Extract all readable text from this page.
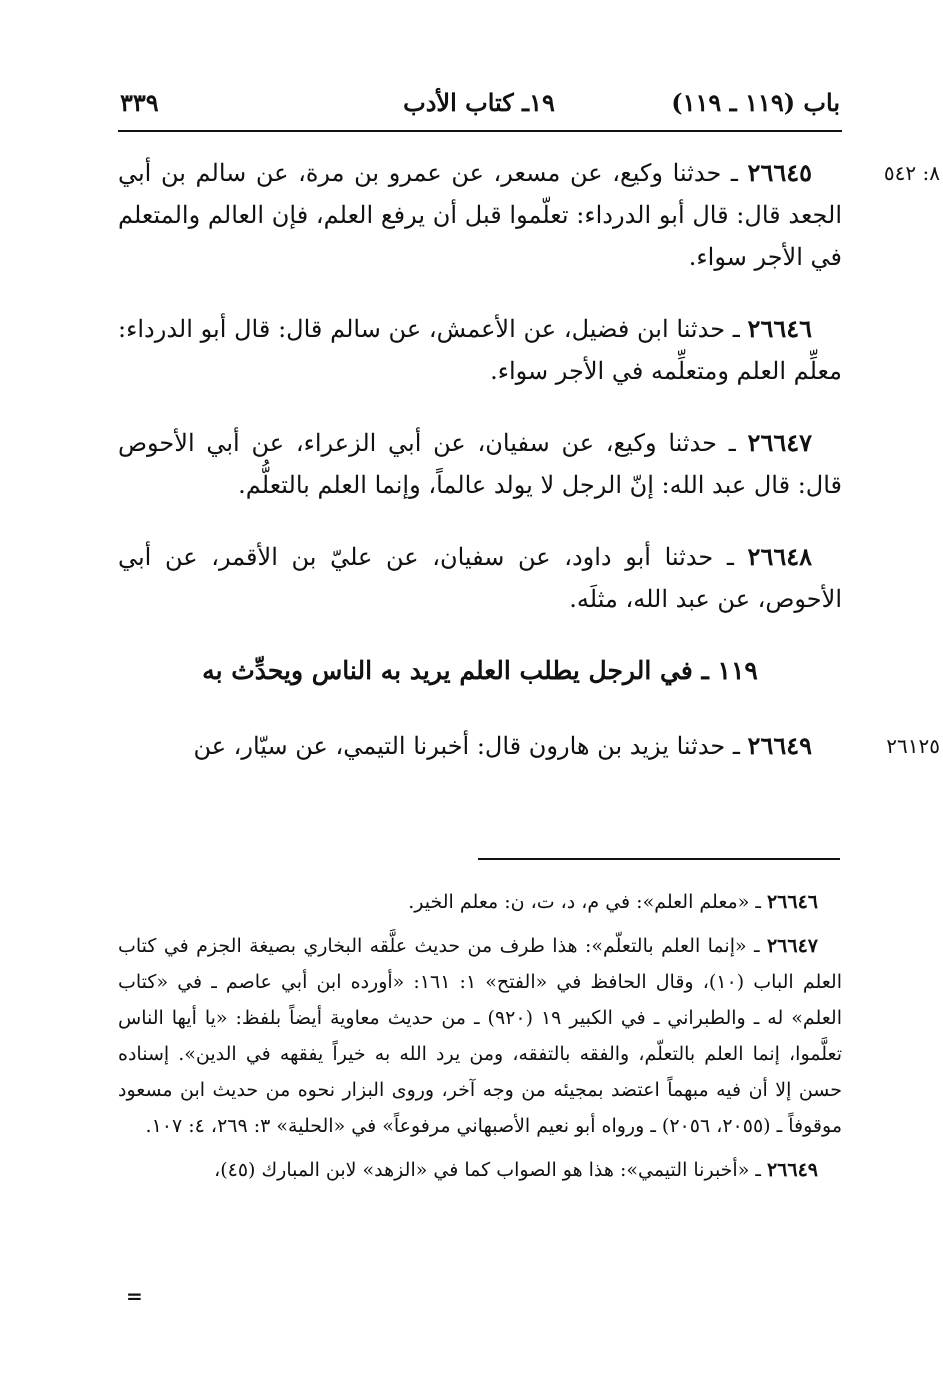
باب (١١٩ ـ ١١٩)
١٩ـ كتاب الأدب
٣٣٩

٨: ٥٤٢
٢٦٦٤٥ ـ حدثنا وكيع، عن مسعر، عن عمرو بن مرة، عن سالم بن أبي الجعد قال: قال أبو الدرداء: تعلّموا قبل أن يرفع العلم، فإن العالم والمتعلم في الأجر سواء.

٢٦٦٤٦ ـ حدثنا ابن فضيل، عن الأعمش، عن سالم قال: قال أبو الدرداء: معلِّم العلم ومتعلِّمه في الأجر سواء.

٢٦٦٤٧ ـ حدثنا وكيع، عن سفيان، عن أبي الزعراء، عن أبي الأحوص قال: قال عبد الله: إنّ الرجل لا يولد عالماً، وإنما العلم بالتعلُّم.

٢٦٦٤٨ ـ حدثنا أبو داود، عن سفيان، عن عليّ بن الأقمر، عن أبي الأحوص، عن عبد الله، مثلَه.

١١٩ ـ في الرجل يطلب العلم يريد به الناس ويحدِّث به

٢٦١٢٥
٢٦٦٤٩ ـ حدثنا يزيد بن هارون قال: أخبرنا التيمي، عن سيّار، عن

٢٦٦٤٦ ـ «معلم العلم»: في م، د، ت، ن: معلم الخير.

٢٦٦٤٧ ـ «إنما العلم بالتعلّم»: هذا طرف من حديث علَّقه البخاري بصيغة الجزم في كتاب العلم الباب (١٠)، وقال الحافظ في «الفتح» ١: ١٦١: «أورده ابن أبي عاصم ـ في «كتاب العلم» له ـ والطبراني ـ في الكبير ١٩ (٩٢٠) ـ من حديث معاوية أيضاً بلفظ: «يا أيها الناس تعلَّموا، إنما العلم بالتعلّم، والفقه بالتفقه، ومن يرد الله به خيراً يفقهه في الدين». إسناده حسن إلا أن فيه مبهماً اعتضد بمجيئه من وجه آخر، وروى البزار نحوه من حديث ابن مسعود موقوفاً ـ (٢٠٥٥، ٢٠٥٦) ـ ورواه أبو نعيم الأصبهاني مرفوعاً» في «الحلية» ٣: ٢٦٩، ٤: ١٠٧.

٢٦٦٤٩ ـ «أخبرنا التيمي»: هذا هو الصواب كما في «الزهد» لابن المبارك (٤٥)،

=
